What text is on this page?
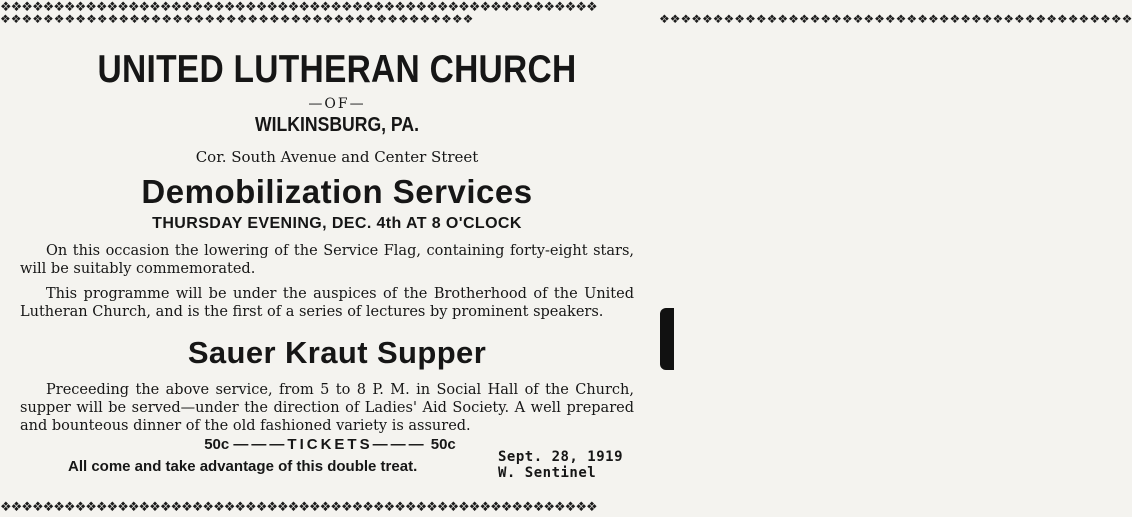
❖❖❖❖❖❖❖❖❖❖❖❖❖❖❖❖❖❖❖❖❖❖❖❖❖❖❖❖❖❖❖❖❖❖❖❖❖❖❖❖❖❖❖❖❖❖❖❖❖❖❖❖❖❖❖❖
❖❖❖❖❖❖❖❖❖❖❖❖❖❖❖❖❖❖❖❖❖❖❖❖❖❖❖❖❖❖❖❖❖❖❖❖❖❖❖❖❖❖❖❖❖❖❖❖❖❖❖❖❖❖❖❖
❖❖❖❖❖❖❖❖❖❖❖❖❖❖❖❖❖❖❖❖❖❖❖❖❖❖❖❖❖❖❖❖❖❖❖❖❖❖❖❖❖❖❖❖	❖❖❖❖❖❖❖❖❖❖❖❖❖❖❖❖❖❖❖❖❖❖❖❖❖❖❖❖❖❖❖❖❖❖❖❖❖❖❖❖❖❖❖❖
UNITED LUTHERAN CHURCH
—OF—
WILKINSBURG, PA.
Cor. South Avenue and Center Street
Demobilization Services
THURSDAY EVENING, DEC. 4th AT 8 O'CLOCK
On this occasion the lowering of the Service Flag, containing forty-eight stars, will be suitably commemorated.
This programme will be under the auspices of the Brotherhood of the United Lutheran Church, and is the first of a series of lectures by prominent speakers.
Sauer Kraut Supper
Preceeding the above service, from 5 to 8 P. M. in Social Hall of the Church, supper will be served—under the direction of Ladies' Aid Society. A well prepared and bounteous dinner of the old fashioned variety is assured.
50c ———TICKETS——— 50c
All come and take advantage of this double treat.
Sept. 28, 1919
W. Sentinel
